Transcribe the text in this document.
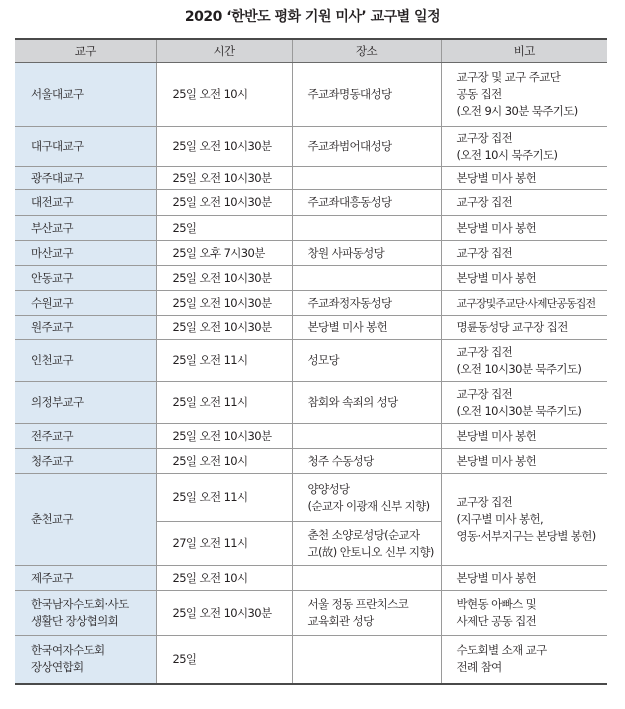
2020 ‘한반도 평화 기원 미사’ 교구별 일정
교구	시간	장소	비고

서울대교구	25일 오전 10시	주교좌명동대성당	교구장 및 교구 주교단
공동 집전
(오전 9시 30분 묵주기도)

대구대교구	25일 오전 10시30분	주교좌범어대성당	교구장 집전
(오전 10시 묵주기도)

광주대교구	25일 오전 10시30분		본당별 미사 봉헌

대전교구	25일 오전 10시30분	주교좌대흥동성당	교구장 집전

부산교구	25일		본당별 미사 봉헌

마산교구	25일 오후 7시30분	창원 사파동성당	교구장 집전

안동교구	25일 오전 10시30분		본당별 미사 봉헌

수원교구	25일 오전 10시30분	주교좌정자동성당	교구장및주교단·사제단공동집전

원주교구	25일 오전 10시30분	본당별 미사 봉헌	명륜동성당 교구장 집전

인천교구	25일 오전 11시	성모당	교구장 집전
(오전 10시30분 묵주기도)

의정부교구	25일 오전 11시	참회와 속죄의 성당	교구장 집전
(오전 10시30분 묵주기도)

전주교구	25일 오전 10시30분		본당별 미사 봉헌

청주교구	25일 오전 10시	청주 수동성당	본당별 미사 봉헌

춘천교구	25일 오전 11시	양양성당
(순교자 이광재 신부 지향)	교구장 집전
(지구별 미사 봉헌,
영동·서부지구는 본당별 봉헌)

	27일 오전 11시	춘천 소양로성당(순교자
고(故) 안토니오 신부 지향)	

제주교구	25일 오전 10시		본당별 미사 봉헌

한국남자수도회·사도
생활단 장상협의회	25일 오전 10시30분	서울 정동 프란치스코
교육회관 성당	박현동 아빠스 및
사제단 공동 집전

한국여자수도회
장상연합회	25일		수도회별 소재 교구
전례 참여
